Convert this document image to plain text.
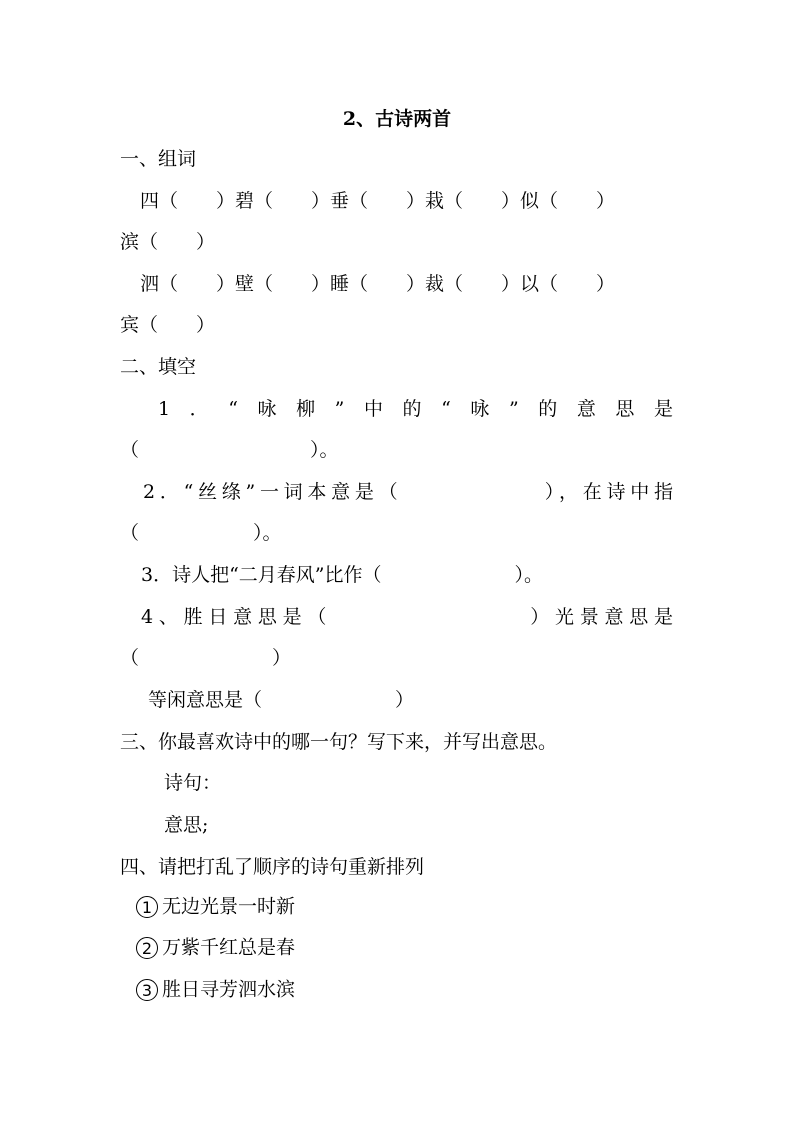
2、古诗两首
一、组词
四（　　）碧（　　）垂（　　）栽（　　）似（　　）
滨（　　）
泗（　　）壁（　　）睡（　　）裁（　　）以（　　）
宾（　　）
二、填空
1．“咏柳”中的“咏”的意思是
（　　　　　　　　　）。
2．“丝绦”一词本意是（　　　　　　），在诗中指
（　　　　　　）。
3．诗人把“二月春风”比作（　　　　　　　）。
4、胜日意思是（　　　　　　　　）光景意思是
（　　　　　　　）
等闲意思是（　　　　　　　）
三、你最喜欢诗中的哪一句？写下来，并写出意思。
诗句：
意思;
四、请把打乱了顺序的诗句重新排列
1 无边光景一时新
2 万紫千红总是春
3 胜日寻芳泗水滨
